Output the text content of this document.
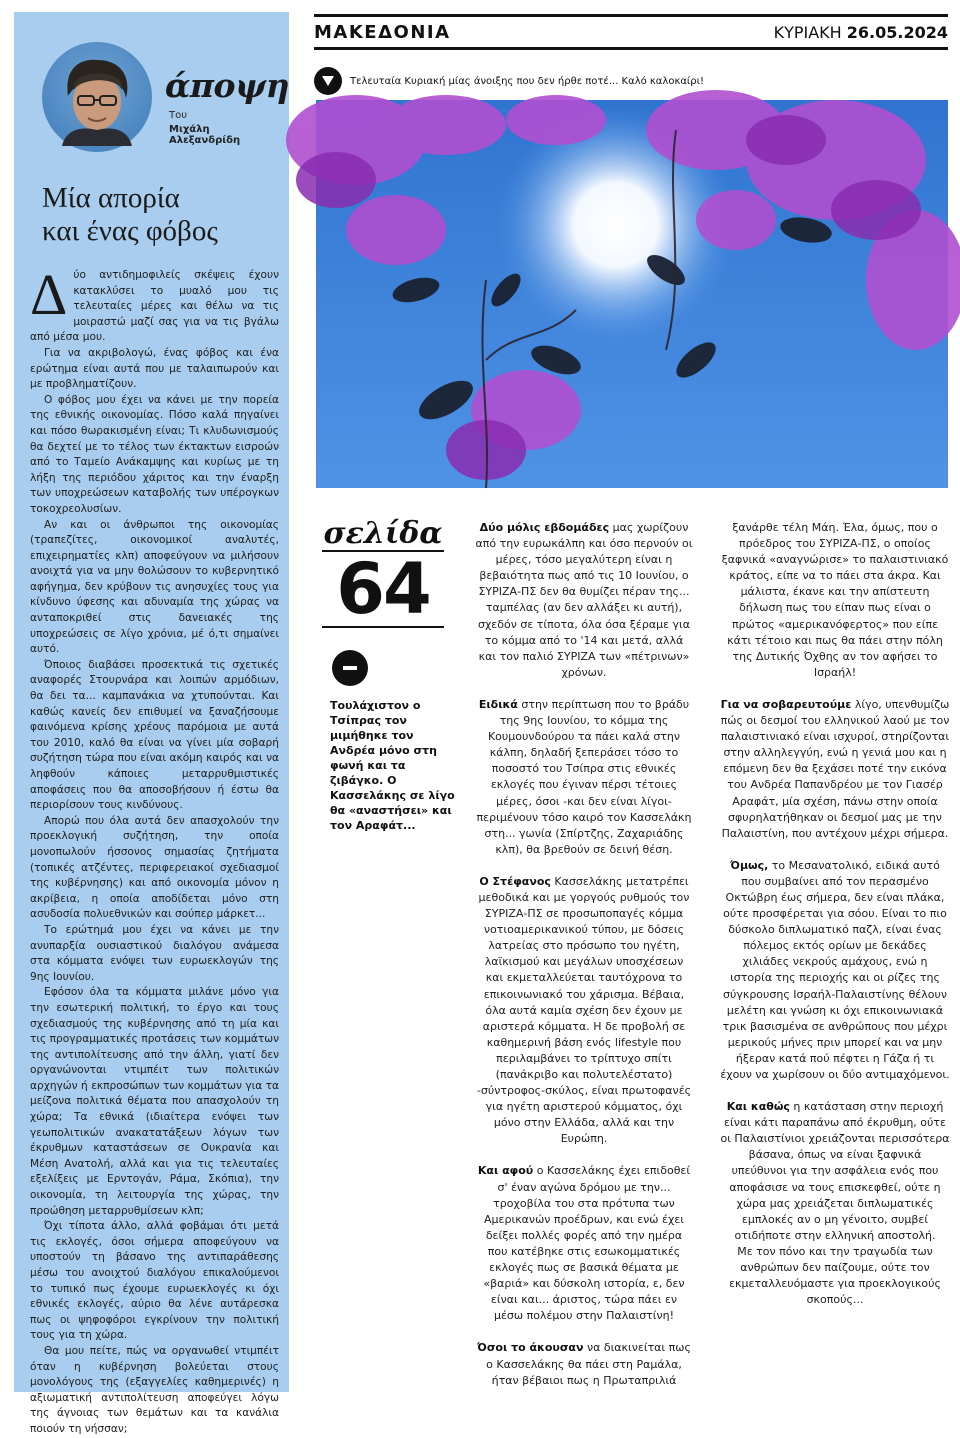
άποψη
Του
Μιχάλη Αλεξανδρίδη
Μία απορία
και ένας φόβος

Δύο αντιδημοφιλείς σκέψεις έχουν κατακλύσει το μυαλό μου τις τελευταίες μέρες και θέλω να τις μοιραστώ μαζί σας για να τις βγάλω από μέσα μου.

Για να ακριβολογώ, ένας φόβος και ένα ερώτημα είναι αυτά που με ταλαιπωρούν και με προβληματίζουν.

Ο φόβος μου έχει να κάνει με την πορεία της εθνικής οικονομίας. Πόσο καλά πηγαίνει και πόσο θωρακισμένη είναι; Τι κλυδωνισμούς θα δεχτεί με το τέλος των έκτακτων εισροών από το Ταμείο Ανάκαμψης και κυρίως με τη λήξη της περιόδου χάριτος και την έναρξη των υποχρεώσεων καταβολής των υπέρογκων τοκοχρεολυσίων.

Αν και οι άνθρωποι της οικονομίας (τραπεζίτες, οικονομικοί αναλυτές, επιχειρηματίες κλπ) αποφεύγουν να μιλήσουν ανοιχτά για να μην θολώσουν το κυβερνητικό αφήγημα, δεν κρύβουν τις ανησυχίες τους για κίνδυνο ύφεσης και αδυναμία της χώρας να ανταποκριθεί στις δανειακές της υποχρεώσεις σε λίγο χρόνια, μέ ό,τι σημαίνει αυτό.

Όποιος διαβάσει προσεκτικά τις σχετικές αναφορές Στουρνάρα και λοιπών αρμόδιων, θα δει τα... καμπανάκια να χτυπούνται. Και καθώς κανείς δεν επιθυμεί να ξαναζήσουμε φαινόμενα κρίσης χρέους παρόμοια με αυτά του 2010, καλό θα είναι να γίνει μία σοβαρή συζήτηση τώρα που είναι ακόμη καιρός και να ληφθούν κάποιες μεταρρυθμιστικές αποφάσεις που θα αποσοβήσουν ή έστω θα περιορίσουν τους κινδύνους.

Απορώ που όλα αυτά δεν απασχολούν την προεκλογική συζήτηση, την οποία μονοπωλούν ήσσονος σημασίας ζητήματα (τοπικές ατζέντες, περιφερειακοί σχεδιασμοί της κυβέρνησης) και από οικονομία μόνον η ακρίβεια, η οποία αποδίδεται μόνο στη ασυδοσία πολυεθνικών και σούπερ μάρκετ...

Το ερώτημά μου έχει να κάνει με την ανυπαρξία ουσιαστικού διαλόγου ανάμεσα στα κόμματα ενόψει των ευρωεκλογών της 9ης Ιουνίου.

Εφόσον όλα τα κόμματα μιλάνε μόνο για την εσωτερική πολιτική, το έργο και τους σχεδιασμούς της κυβέρνησης από τη μία και τις προγραμματικές προτάσεις των κομμάτων της αντιπολίτευσης από την άλλη, γιατί δεν οργανώνονται ντιμπέιτ των πολιτικών αρχηγών ή εκπροσώπων των κομμάτων για τα μείζονα πολιτικά θέματα που απασχολούν τη χώρα; Τα εθνικά (ιδιαίτερα ενόψει των γεωπολιτικών ανακατατάξεων λόγων των έκρυθμων καταστάσεων σε Ουκρανία και Μέση Ανατολή, αλλά και για τις τελευταίες εξελίξεις με Ερντογάν, Ράμα, Σκόπια), την οικονομία, τη λειτουργία της χώρας, την προώθηση μεταρρυθμίσεων κλπ;

Όχι τίποτα άλλο, αλλά φοβάμαι ότι μετά τις εκλογές, όσοι σήμερα αποφεύγουν να υποστούν τη βάσανο της αντιπαράθεσης μέσω του ανοιχτού διαλόγου επικαλούμενοι το τυπικό πως έχουμε ευρωεκλογές κι όχι εθνικές εκλογές, αύριο θα λένε αυτάρεσκα πως οι ψηφοφόροι εγκρίνουν την πολιτική τους για τη χώρα.

Θα μου πείτε, πώς να οργανωθεί ντιμπέιτ όταν η κυβέρνηση βολεύεται στους μονολόγους της (εξαγγελίες καθημερινές) η αξιωματική αντιπολίτευση αποφεύγει λόγω της άγνοιας των θεμάτων και τα κανάλια ποιούν τη νήσσαν;

ΜΑΚΕΔΟΝΙΑ	ΚΥΡΙΑΚΗ 26.05.2024
Τελευταία Κυριακή μίας άνοιξης που δεν ήρθε ποτέ... Καλό καλοκαίρι!
σελίδα
64
Τουλάχιστον ο Τσίπρας τον μιμήθηκε τον Ανδρέα μόνο στη φωνή και τα ζιβάγκο. Ο Κασσελάκης σε λίγο θα «αναστήσει» και τον Αραφάτ...

Δύο μόλις εβδομάδες μας χωρίζουν από την ευρωκάλπη και όσο περνούν οι μέρες, τόσο μεγαλύτερη είναι η βεβαιότητα πως από τις 10 Ιουνίου, ο ΣΥΡΙΖΑ-ΠΣ δεν θα θυμίζει πέραν της... ταμπέλας (αν δεν αλλάξει κι αυτή), σχεδόν σε τίποτα, όλα όσα ξέραμε για το κόμμα από το '14 και μετά, αλλά και τον παλιό ΣΥΡΙΖΑ των «πέτρινων» χρόνων.

Ειδικά στην περίπτωση που το βράδυ της 9ης Ιουνίου, το κόμμα της Κουμουνδούρου τα πάει καλά στην κάλπη, δηλαδή ξεπεράσει τόσο το ποσοστό του Τσίπρα στις εθνικές εκλογές που έγιναν πέρσι τέτοιες μέρες, όσοι -και δεν είναι λίγοι- περιμένουν τόσο καιρό τον Κασσελάκη στη... γωνία (Σπίρτζης, Ζαχαριάδης κλπ), θα βρεθούν σε δεινή θέση.

Ο Στέφανος Κασσελάκης μετατρέπει μεθοδικά και με γοργούς ρυθμούς τον ΣΥΡΙΖΑ-ΠΣ σε προσωποπαγές κόμμα νοτιοαμερικανικού τύπου, με δόσεις λατρείας στο πρόσωπο του ηγέτη, λαϊκισμού και μεγάλων υποσχέσεων και εκμεταλλεύεται ταυτόχρονα το επικοινωνιακό του χάρισμα. Βέβαια, όλα αυτά καμία σχέση δεν έχουν με αριστερά κόμματα. Η δε προβολή σε καθημερινή βάση ενός lifestyle που περιλαμβάνει το τρίπτυχο σπίτι (πανάκριβο και πολυτελέστατο) -σύντροφος-σκύλος, είναι πρωτοφανές για ηγέτη αριστερού κόμματος, όχι μόνο στην Ελλάδα, αλλά και την Ευρώπη.

Και αφού ο Κασσελάκης έχει επιδοθεί σ' έναν αγώνα δρόμου με την... τροχοβίλα του στα πρότυπα των Αμερικανών προέδρων, και ενώ έχει δείξει πολλές φορές από την ημέρα που κατέβηκε στις εσωκομματικές εκλογές πως σε βασικά θέματα με «βαριά» και δύσκολη ιστορία, ε, δεν είναι και... άριστος, τώρα πάει εν μέσω πολέμου στην Παλαιστίνη!

Όσοι το άκουσαν να διακινείται πως ο Κασσελάκης θα πάει στη Ραμάλα, ήταν βέβαιοι πως η Πρωταπριλιά

ξανάρθε τέλη Μάη. Έλα, όμως, που ο πρόεδρος του ΣΥΡΙΖΑ-ΠΣ, ο οποίος ξαφνικά «αναγνώρισε» το παλαιστινιακό κράτος, είπε να το πάει στα άκρα. Και μάλιστα, έκανε και την απίστευτη δήλωση πως του είπαν πως είναι ο πρώτος «αμερικανόφερτος» που είπε κάτι τέτοιο και πως θα πάει στην πόλη της Δυτικής Όχθης αν τον αφήσει το Ισραήλ!

Για να σοβαρευτούμε λίγο, υπενθυμίζω πώς οι δεσμοί του ελληνικού λαού με τον παλαιστινιακό είναι ισχυροί, στηρίζονται στην αλληλεγγύη, ενώ η γενιά μου και η επόμενη δεν θα ξεχάσει ποτέ την εικόνα του Ανδρέα Παπανδρέου με τον Γιασέρ Αραφάτ, μία σχέση, πάνω στην οποία σφυρηλατήθηκαν οι δεσμοί μας με την Παλαιστίνη, που αντέχουν μέχρι σήμερα.

Όμως, το Μεσανατολικό, ειδικά αυτό που συμβαίνει από τον περασμένο Οκτώβρη έως σήμερα, δεν είναι πλάκα, ούτε προσφέρεται για σόου. Είναι το πιο δύσκολο διπλωματικό παζλ, είναι ένας πόλεμος εκτός ορίων με δεκάδες χιλιάδες νεκρούς αμάχους, ενώ η ιστορία της περιοχής και οι ρίζες της σύγκρουσης Ισραήλ-Παλαιστίνης θέλουν μελέτη και γνώση κι όχι επικοινωνιακά τρικ βασισμένα σε ανθρώπους που μέχρι μερικούς μήνες πριν μπορεί και να μην ήξεραν κατά πού πέφτει η Γάζα ή τι έχουν να χωρίσουν οι δύο αντιμαχόμενοι.

Και καθώς η κατάσταση στην περιοχή είναι κάτι παραπάνω από έκρυθμη, ούτε οι Παλαιστίνιοι χρειάζονται περισσότερα βάσανα, όπως να είναι ξαφνικά υπεύθυνοι για την ασφάλεια ενός που αποφάσισε να τους επισκεφθεί, ούτε η χώρα μας χρειάζεται διπλωματικές εμπλοκές αν ο μη γένοιτο, συμβεί οτιδήποτε στην ελληνική αποστολή.

Με τον πόνο και την τραγωδία των ανθρώπων δεν παίζουμε, ούτε τον εκμεταλλευόμαστε για προεκλογικούς σκοπούς...
